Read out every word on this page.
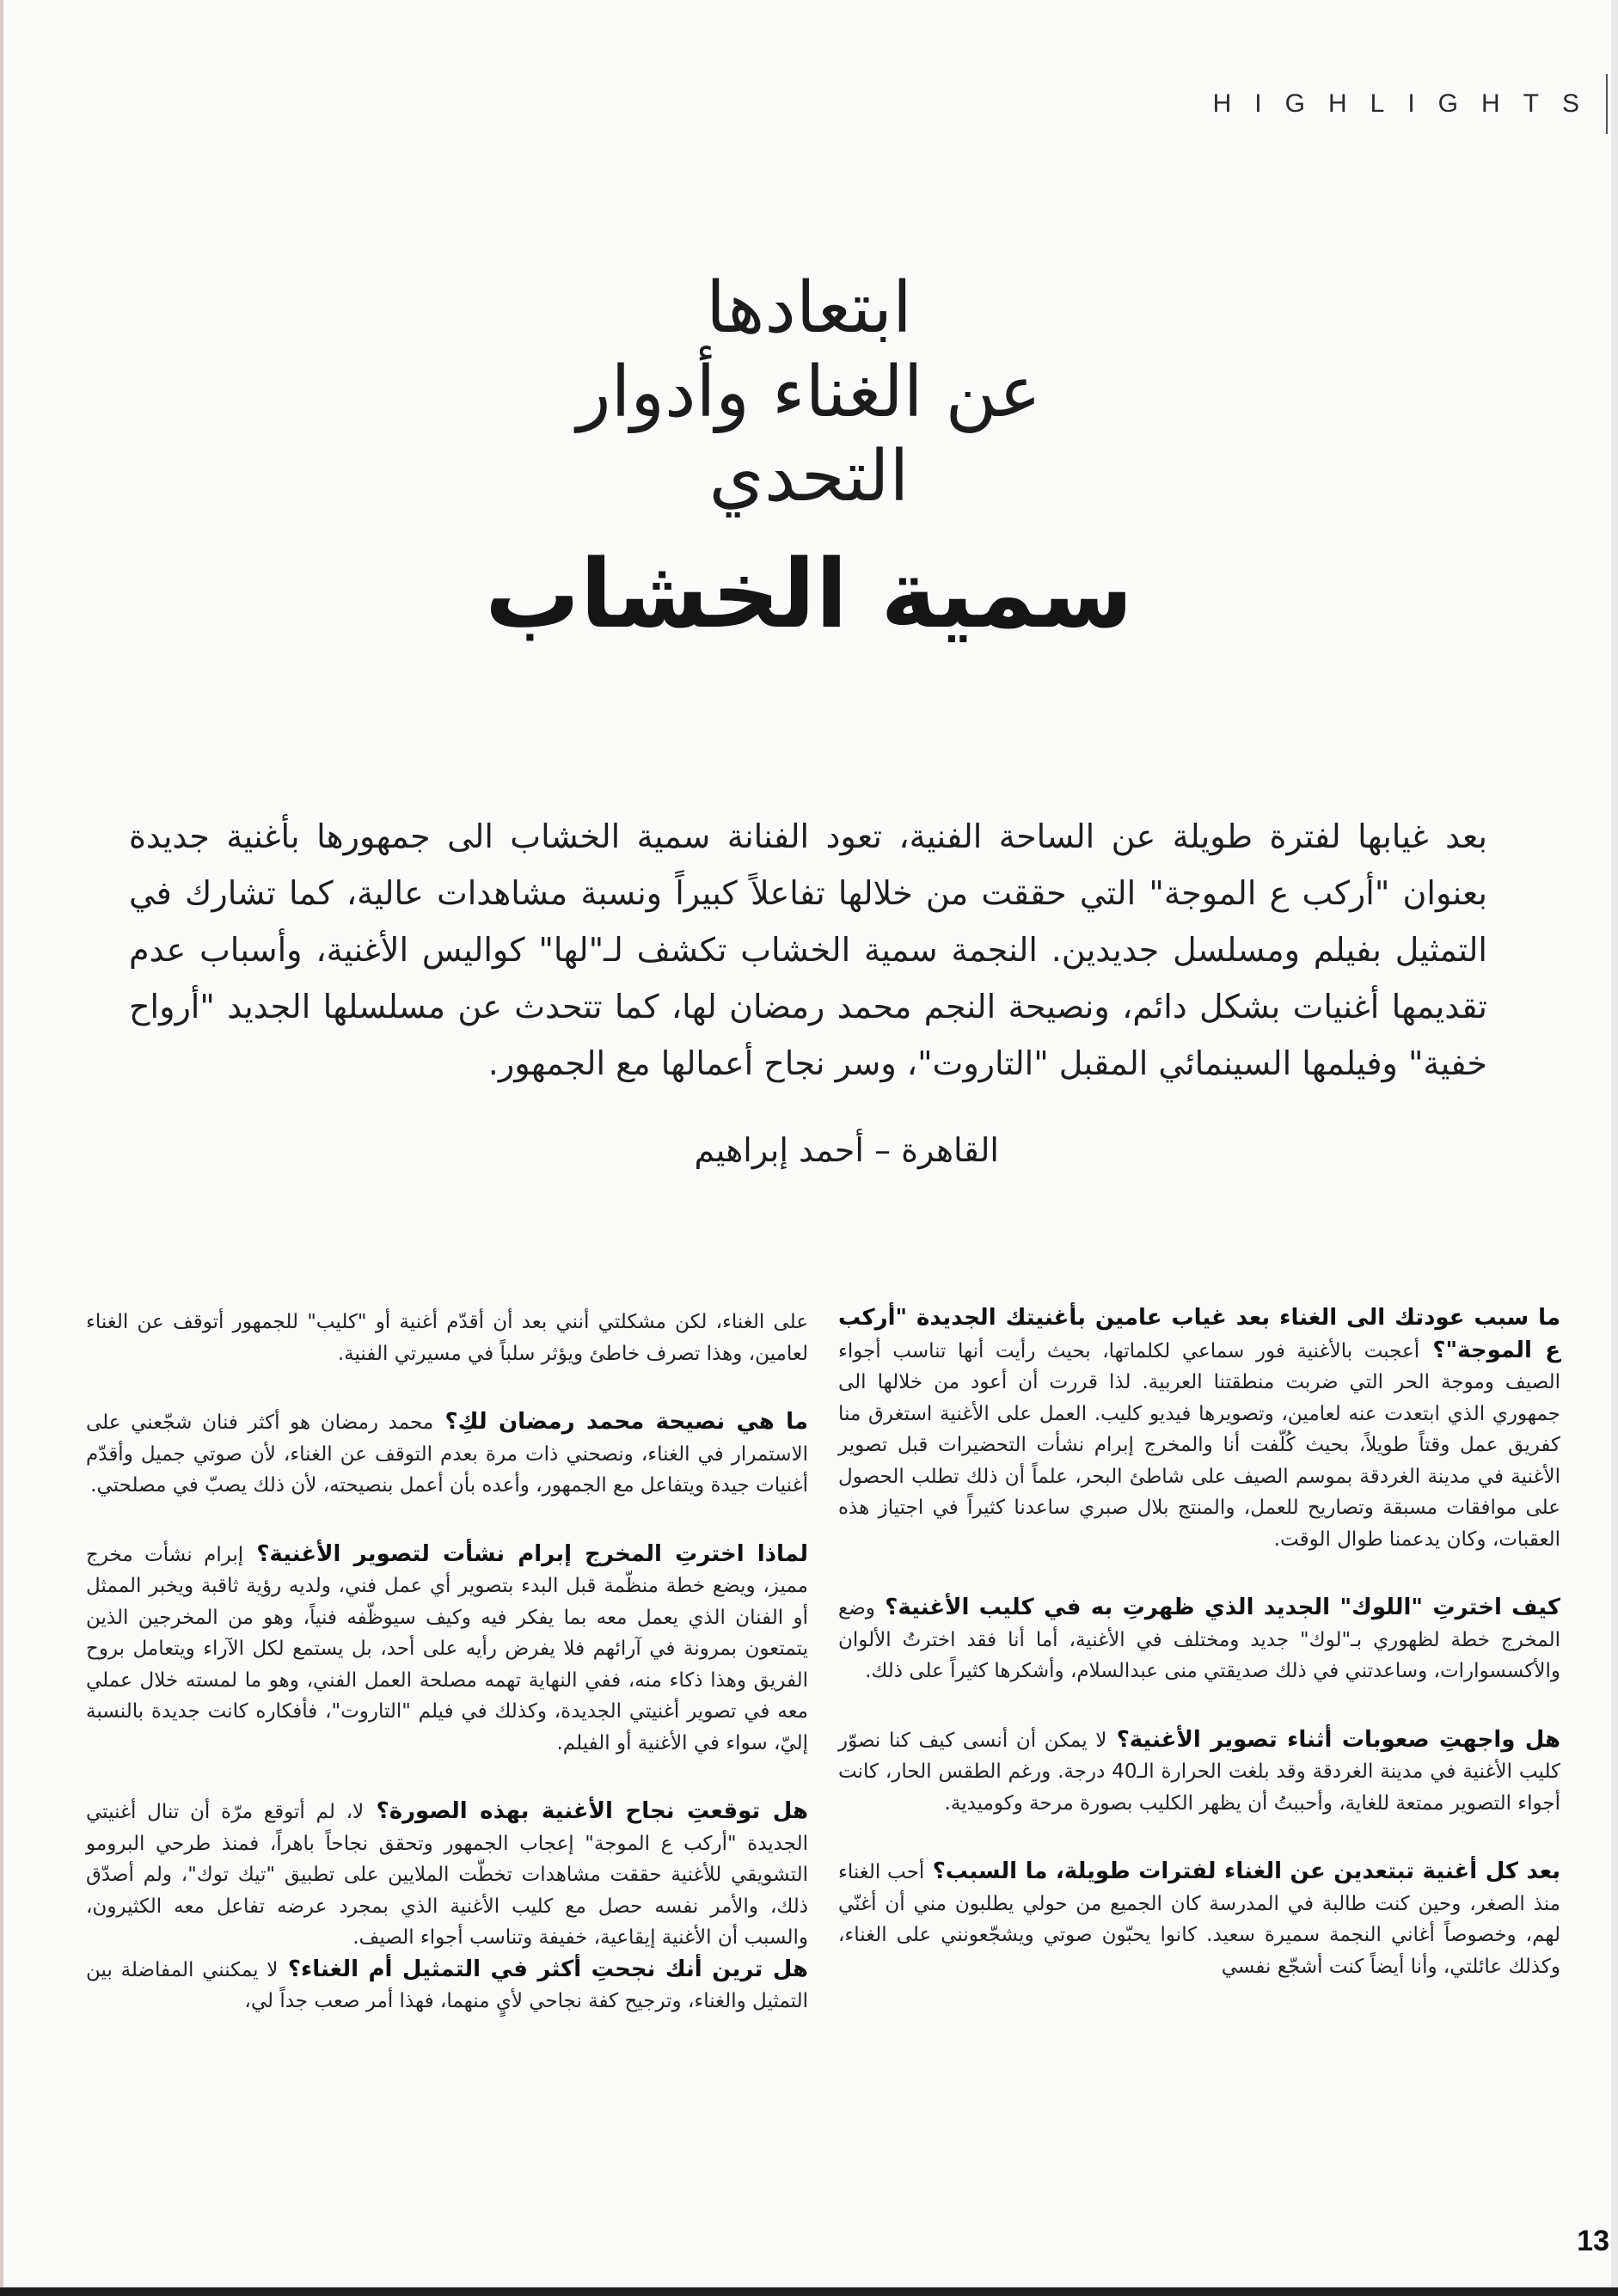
HIGHLIGHTS
ابتعادها
عن الغناء وأدوار
التحدي
سمية الخشاب

بعد غيابها لفترة طويلة عن الساحة الفنية، تعود الفنانة سمية الخشاب الى جمهورها بأغنية جديدة بعنوان "أركب ع الموجة" التي حققت من خلالها تفاعلاً كبيراً ونسبة مشاهدات عالية، كما تشارك في التمثيل بفيلم ومسلسل جديدين. النجمة سمية الخشاب تكشف لـ"لها" كواليس الأغنية، وأسباب عدم تقديمها أغنيات بشكل دائم، ونصيحة النجم محمد رمضان لها، كما تتحدث عن مسلسلها الجديد "أرواح خفية" وفيلمها السينمائي المقبل "التاروت"، وسر نجاح أعمالها مع الجمهور.

القاهرة – أحمد إبراهيم

ما سبب عودتك الى الغناء بعد غياب عامين بأغنيتك الجديدة "أركب ع الموجة"؟ أعجبت بالأغنية فور سماعي لكلماتها، بحيث رأيت أنها تناسب أجواء الصيف وموجة الحر التي ضربت منطقتنا العربية. لذا قررت أن أعود من خلالها الى جمهوري الذي ابتعدت عنه لعامين، وتصويرها فيديو كليب. العمل على الأغنية استغرق منا كفريق عمل وقتاً طويلاً، بحيث كُلّفت أنا والمخرج إبرام نشأت التحضيرات قبل تصوير الأغنية في مدينة الغردقة بموسم الصيف على شاطئ البحر، علماً أن ذلك تطلب الحصول على موافقات مسبقة وتصاريح للعمل، والمنتج بلال صبري ساعدنا كثيراً في اجتياز هذه العقبات، وكان يدعمنا طوال الوقت.

كيف اخترتِ "اللوك" الجديد الذي ظهرتِ به في كليب الأغنية؟ وضع المخرج خطة لظهوري بـ"لوك" جديد ومختلف في الأغنية، أما أنا فقد اخترتُ الألوان والأكسسوارات، وساعدتني في ذلك صديقتي منى عبدالسلام، وأشكرها كثيراً على ذلك.

هل واجهتِ صعوبات أثناء تصوير الأغنية؟ لا يمكن أن أنسى كيف كنا نصوّر كليب الأغنية في مدينة الغردقة وقد بلغت الحرارة الـ40 درجة. ورغم الطقس الحار، كانت أجواء التصوير ممتعة للغاية، وأحببتُ أن يظهر الكليب بصورة مرحة وكوميدية.

بعد كل أغنية تبتعدين عن الغناء لفترات طويلة، ما السبب؟ أحب الغناء منذ الصغر، وحين كنت طالبة في المدرسة كان الجميع من حولي يطلبون مني أن أغنّي لهم، وخصوصاً أغاني النجمة سميرة سعيد. كانوا يحبّون صوتي ويشجّعونني على الغناء، وكذلك عائلتي، وأنا أيضاً كنت أشجّع نفسي

على الغناء، لكن مشكلتي أنني بعد أن أقدّم أغنية أو "كليب" للجمهور أتوقف عن الغناء لعامين، وهذا تصرف خاطئ ويؤثر سلباً في مسيرتي الفنية.

ما هي نصيحة محمد رمضان لكِ؟ محمد رمضان هو أكثر فنان شجّعني على الاستمرار في الغناء، ونصحني ذات مرة بعدم التوقف عن الغناء، لأن صوتي جميل وأقدّم أغنيات جيدة ويتفاعل مع الجمهور، وأعده بأن أعمل بنصيحته، لأن ذلك يصبّ في مصلحتي.

لماذا اخترتِ المخرج إبرام نشأت لتصوير الأغنية؟ إبرام نشأت مخرج مميز، ويضع خطة منظّمة قبل البدء بتصوير أي عمل فني، ولديه رؤية ثاقبة ويخبر الممثل أو الفنان الذي يعمل معه بما يفكر فيه وكيف سيوظّفه فنياً، وهو من المخرجين الذين يتمتعون بمرونة في آرائهم فلا يفرض رأيه على أحد، بل يستمع لكل الآراء ويتعامل بروح الفريق وهذا ذكاء منه، ففي النهاية تهمه مصلحة العمل الفني، وهو ما لمسته خلال عملي معه في تصوير أغنيتي الجديدة، وكذلك في فيلم "التاروت"، فأفكاره كانت جديدة بالنسبة إليّ، سواء في الأغنية أو الفيلم.

هل توقعتِ نجاح الأغنية بهذه الصورة؟ لا، لم أتوقع مرّة أن تنال أغنيتي الجديدة "أركب ع الموجة" إعجاب الجمهور وتحقق نجاحاً باهراً، فمنذ طرحي البرومو التشويقي للأغنية حققت مشاهدات تخطّت الملايين على تطبيق "تيك توك"، ولم أصدّق ذلك، والأمر نفسه حصل مع كليب الأغنية الذي بمجرد عرضه تفاعل معه الكثيرون، والسبب أن الأغنية إيقاعية، خفيفة وتناسب أجواء الصيف.

هل ترين أنك نجحتِ أكثر في التمثيل أم الغناء؟ لا يمكنني المفاضلة بين التمثيل والغناء، وترجيح كفة نجاحي لأيٍ منهما، فهذا أمر صعب جداً لي،

13
